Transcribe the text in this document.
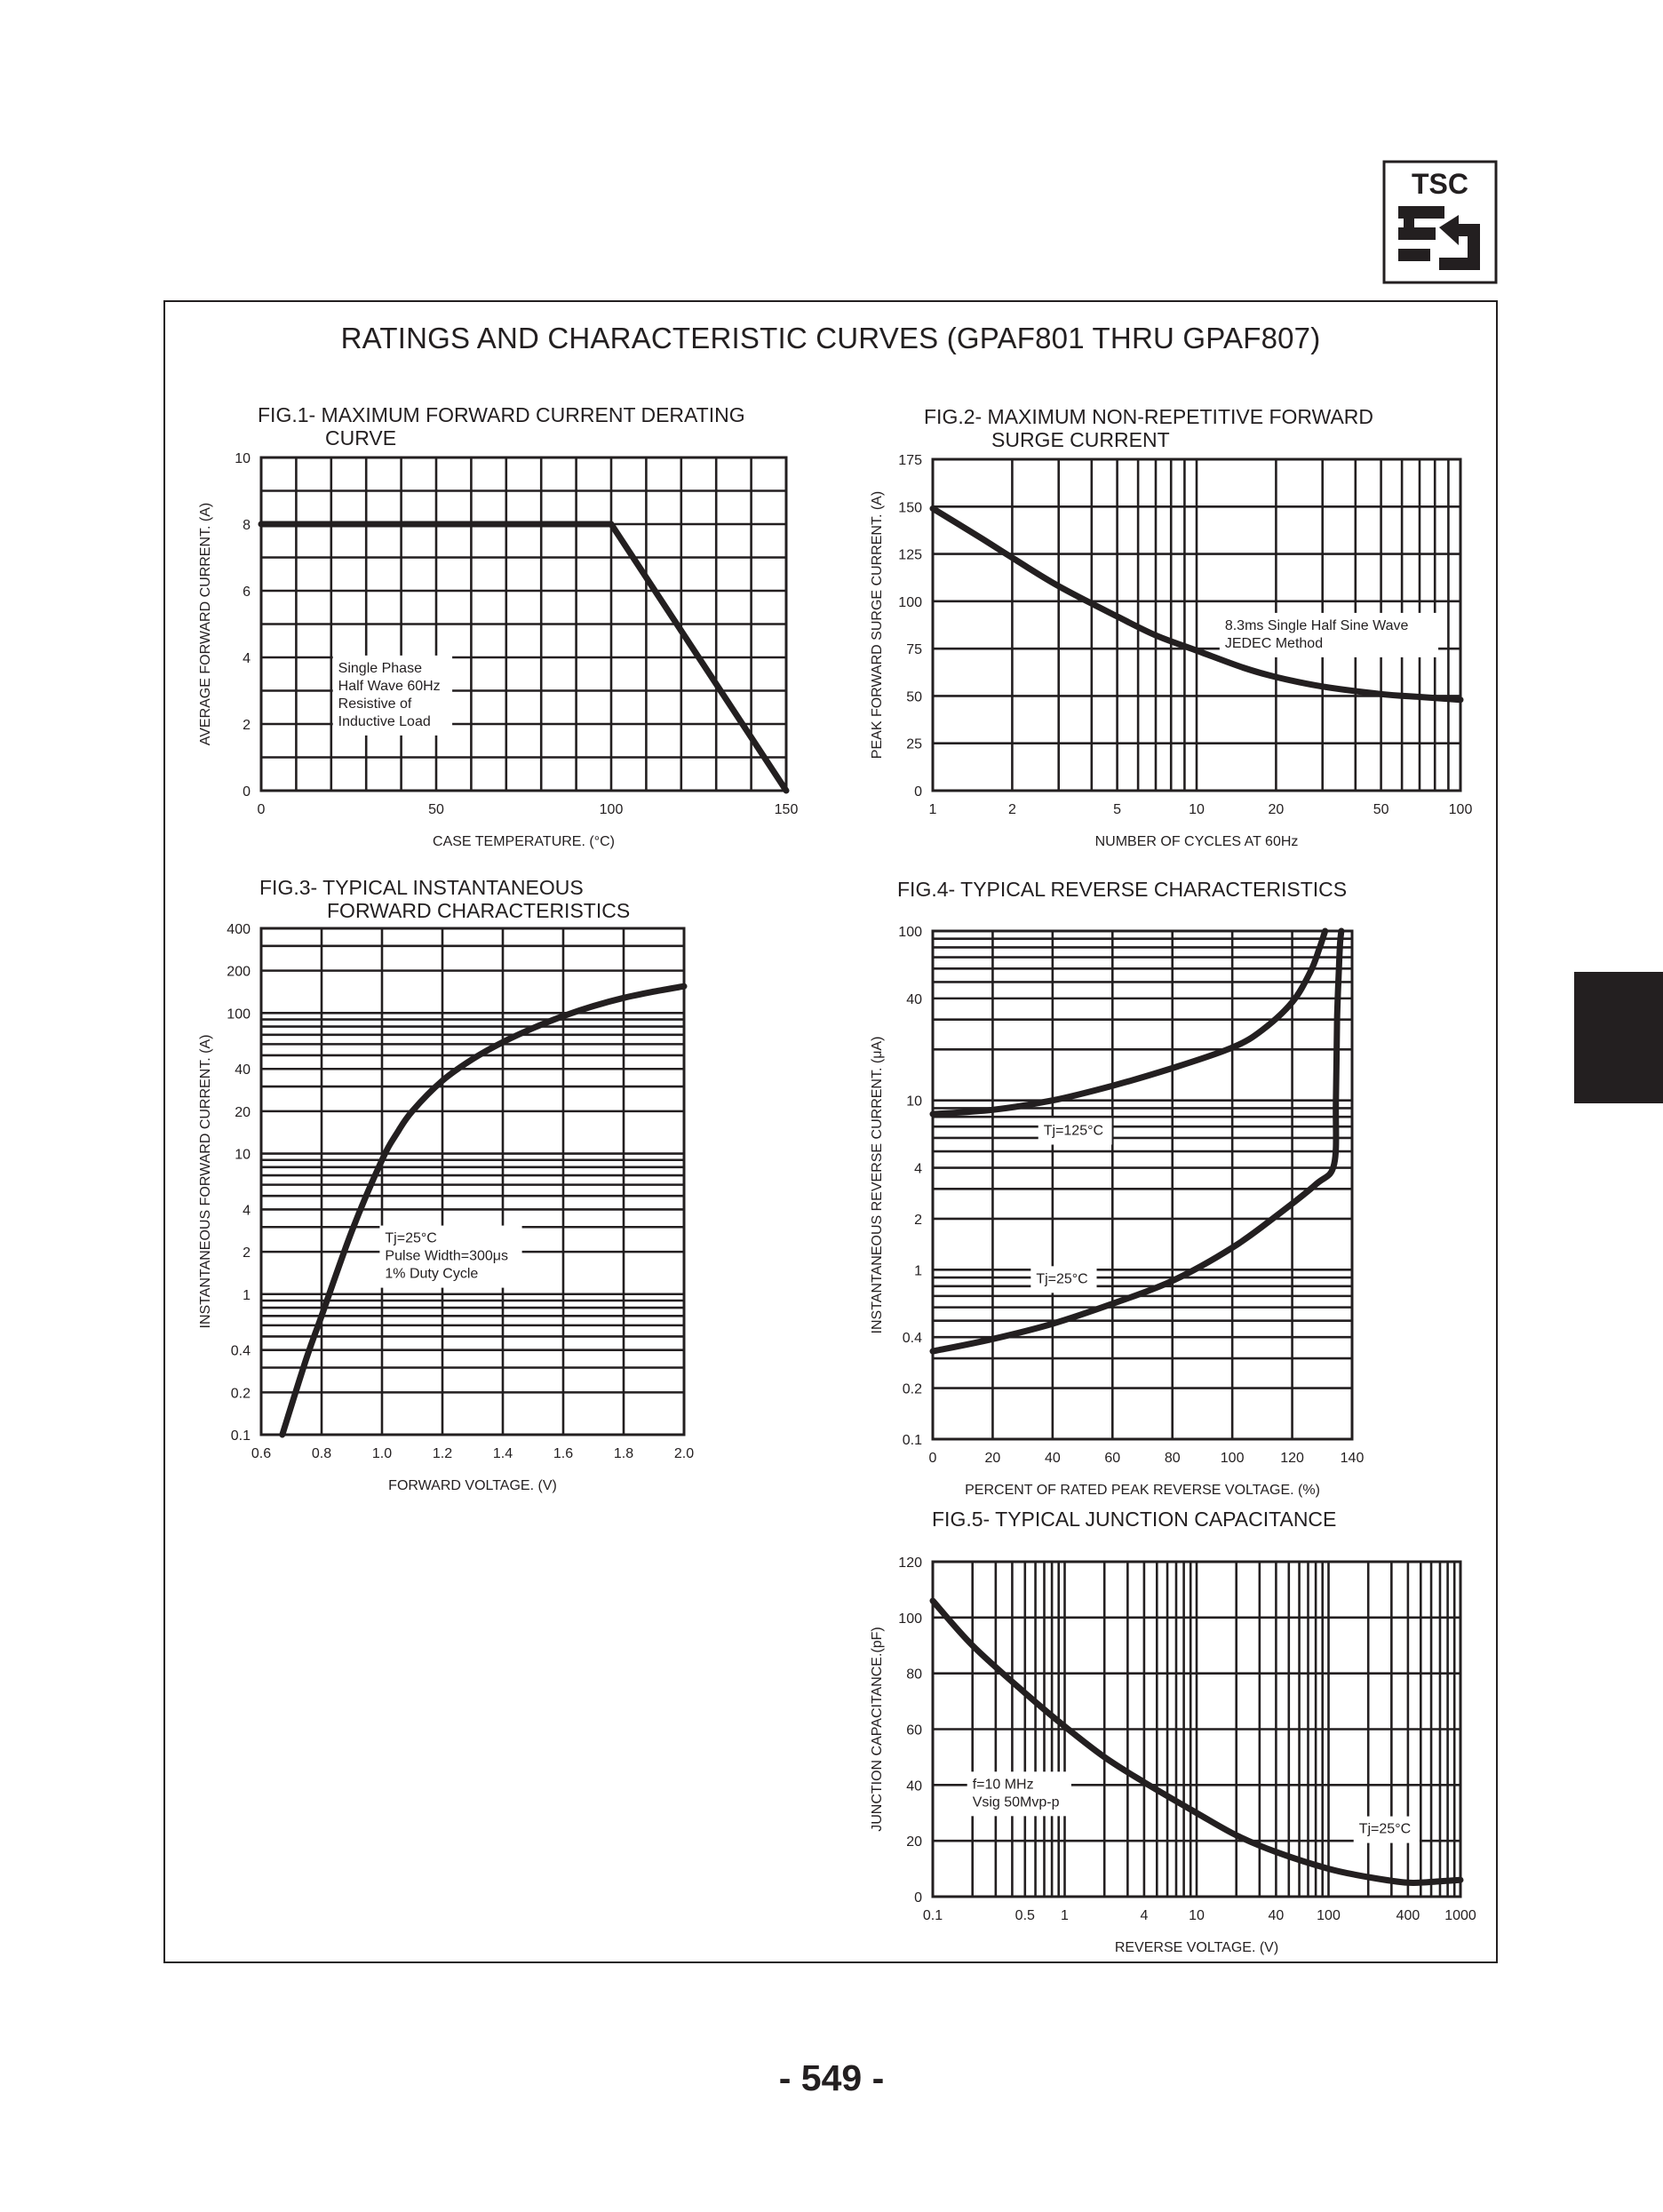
TSC
RATINGS AND CHARACTERISTIC CURVES (GPAF801 THRU GPAF807)
FIG.1- MAXIMUM FORWARD CURRENT DERATING
CURVE
FIG.2- MAXIMUM NON-REPETITIVE FORWARD
SURGE CURRENT
FIG.3- TYPICAL INSTANTANEOUS
FORWARD CHARACTERISTICS
FIG.4- TYPICAL REVERSE CHARACTERISTICS
FIG.5- TYPICAL JUNCTION CAPACITANCE
0	50	100	150
0
2
4
6
8
10
CASE TEMPERATURE. (°C)
AVERAGE FORWARD CURRENT. (A)	Single Phase
Half Wave 60Hz
Resistive of
Inductive Load
1	2	5	10	20	50	100
0
25
50
75
100
125
150
175
NUMBER OF CYCLES AT 60Hz
PEAK FORWARD SURGE CURRENT. (A)	8.3ms Single Half Sine Wave
JEDEC Method
0.6	0.8	1.0	1.2	1.4	1.6	1.8	2.0
0.1
0.2
0.4
1
2
4
10
20
40
100
200
400
FORWARD VOLTAGE. (V)
INSTANTANEOUS FORWARD CURRENT. (A)	Tj=25°C
Pulse Width=300μs
1% Duty Cycle
0	20	40	60	80	100	120	140
0.1
0.2
0.4
1
2
4
10
40
100
PERCENT OF RATED PEAK REVERSE VOLTAGE. (%)
INSTANTANEOUS REVERSE CURRENT. (μA)	Tj=125°C
Tj=25°C
0.1	0.5 1	4	10	40 100	400 1000
0
20
40
60
80
100
120
REVERSE VOLTAGE. (V)
JUNCTION CAPACITANCE.(pF)	f=10 MHz
Vsig 50Mvp-p
Tj=25°C
- 549 -
